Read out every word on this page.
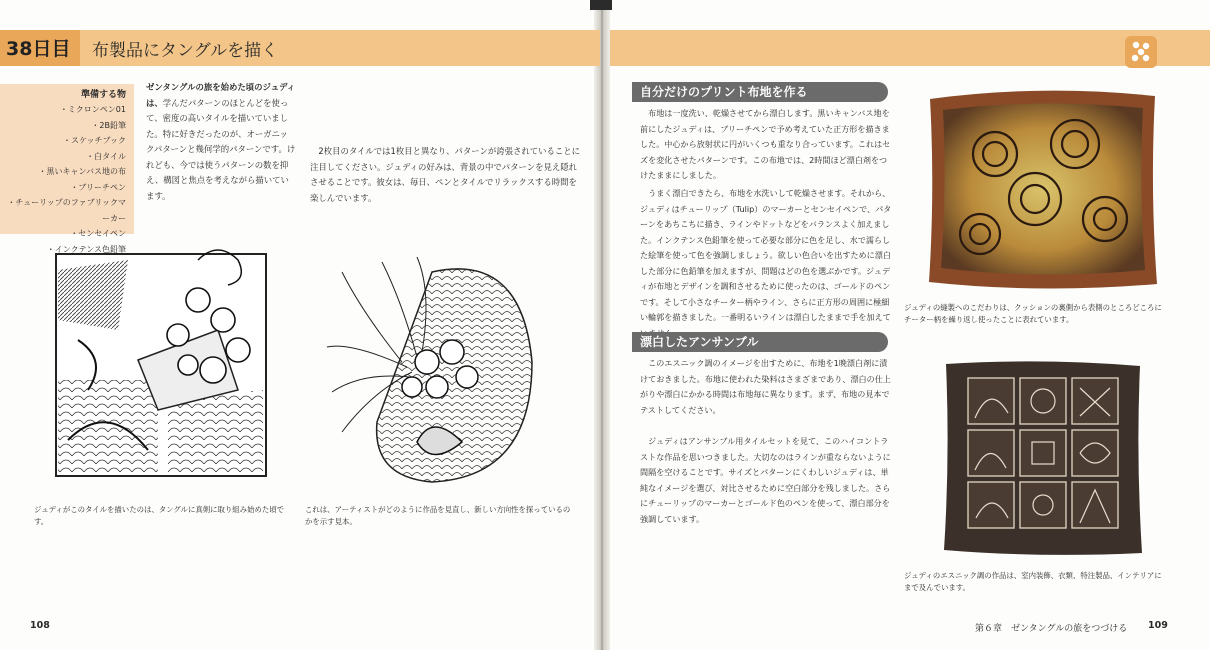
38日目 布製品にタングルを描く
準備する物
・ミクロンペン01
・2B鉛筆
・スケッチブック
・白タイル
・黒いキャンバス地の布
・ブリーチペン
・チューリップのファブリックマーカー
・センセイペン
・インクテンス色鉛筆
ゼンタングルの旅を始めた頃のジュディは、学んだパターンのほとんどを使って、密度の高いタイルを描いていました。特に好きだったのが、オーガニックパターンと幾何学的パターンです。けれども、今では使うパターンの数を抑え、構図と焦点を考えながら描いています。
2枚目のタイルでは1枚目と異なり、パターンが誇張されていることに注目してください。ジュディの好みは、背景の中でパターンを見え隠れさせることです。彼女は、毎日、ペンとタイルでリラックスする時間を楽しんでいます。
ジュディがこのタイルを描いたのは、タングルに真剣に取り組み始めた頃です。
これは、アーティストがどのように作品を見直し、新しい方向性を探っているのかを示す見本。
108
自分だけのプリント布地を作る
布地は一度洗い、乾燥させてから漂白します。黒いキャンバス地を前にしたジュディは、ブリーチペンで予め考えていた正方形を描きました。中心から放射状に円がいくつも重なり合っています。これはセズを変化させたパターンです。この布地では、2時間ほど漂白剤をつけたままにしました。
うまく漂白できたら、布地を水洗いして乾燥させます。それから、ジュディはチューリップ（Tulip）のマーカーとセンセイペンで、パターンをあちこちに描き、ラインやドットなどをバランスよく加えました。インクテンス色鉛筆を使って必要な部分に色を足し、水で濡らした絵筆を使って色を強調しましょう。欲しい色合いを出すために漂白した部分に色鉛筆を加えますが、問題はどの色を選ぶかです。ジュディが布地とデザインを調和させるために使ったのは、ゴールドのペンです。そして小さなチーター柄やライン、さらに正方形の周囲に極細い輪郭を描きました。一番明るいラインは漂白したままで手を加えて
漂白したアンサンブル
このエスニック調のイメージを出すために、布地を1晩漂白剤に漬けておきました。布地に使われた染料はさまざまであり、漂白の仕上がりや漂白にかかる時間は布地毎に異なります。まず、布地の見本でテストしてください。
ジュディはアンサンブル用タイルセットを見て、このハイコントラストな作品を思いつきました。大切なのはラインが重ならないように間隔を空けることです。サイズとパターンにくわしいジュディは、単純なイメージを選び、対比させるために空白部分を残しました。さらにチューリップのマーカーとゴールド色のペンを使って、漂白部分を強調しています。
ジュディの縫製へのこだわりは、クッションの裏側から表側のところどころにチーター柄を繰り返し使ったことに表れています。
ジュディのエスニック調の作品は、室内装飾、衣類、特注製品、インテリアにまで及んでいます。
第６章　ゼンタングルの旅をつづける 109
